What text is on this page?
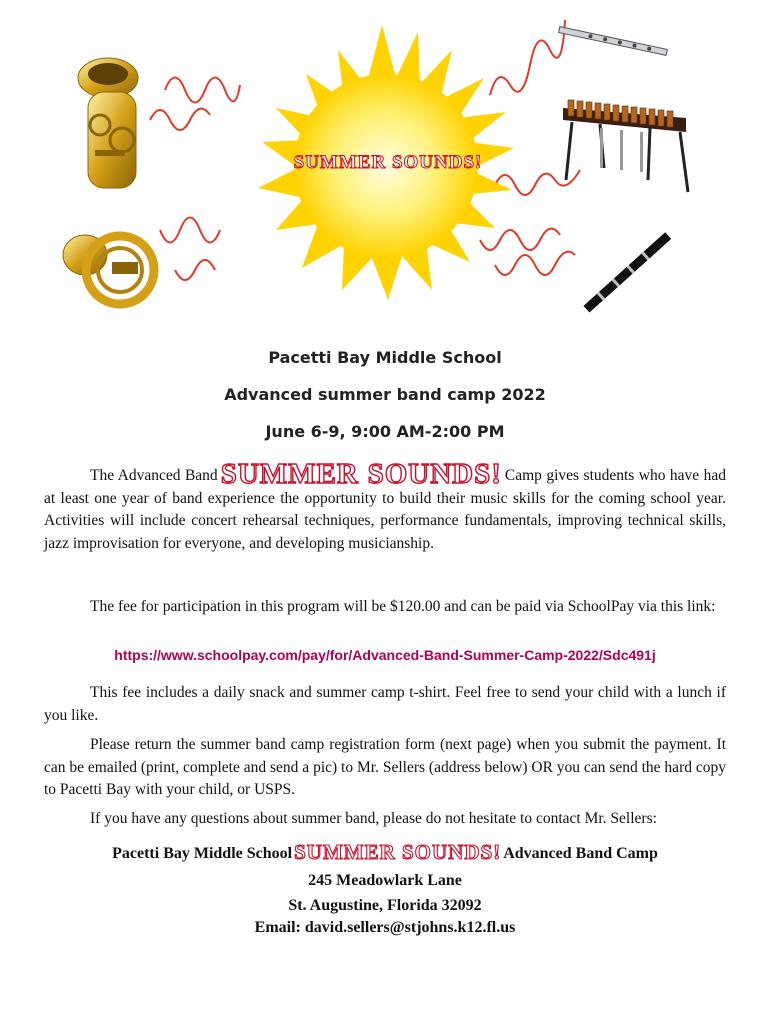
SUMMER SOUNDS!
Pacetti Bay Middle School
Advanced summer band camp 2022
June 6-9, 9:00 AM-2:00 PM

The Advanced Band SUMMER SOUNDS! Camp gives students who have had at least one year of band experience the opportunity to build their music skills for the coming school year. Activities will include concert rehearsal techniques, performance fundamentals, improving technical skills, jazz improvisation for everyone, and developing musicianship.

The fee for participation in this program will be $120.00 and can be paid via SchoolPay via this link:

https://www.schoolpay.com/pay/for/Advanced-Band-Summer-Camp-2022/Sdc491j

This fee includes a daily snack and summer camp t-shirt. Feel free to send your child with a lunch if you like.

Please return the summer band camp registration form (next page) when you submit the payment. It can be emailed (print, complete and send a pic) to Mr. Sellers (address below) OR you can send the hard copy to Pacetti Bay with your child, or USPS.

If you have any questions about summer band, please do not hesitate to contact Mr. Sellers:

Pacetti Bay Middle SchoolSUMMER SOUNDS! Advanced Band Camp
245 Meadowlark Lane
St. Augustine, Florida 32092
Email: david.sellers@stjohns.k12.fl.us
